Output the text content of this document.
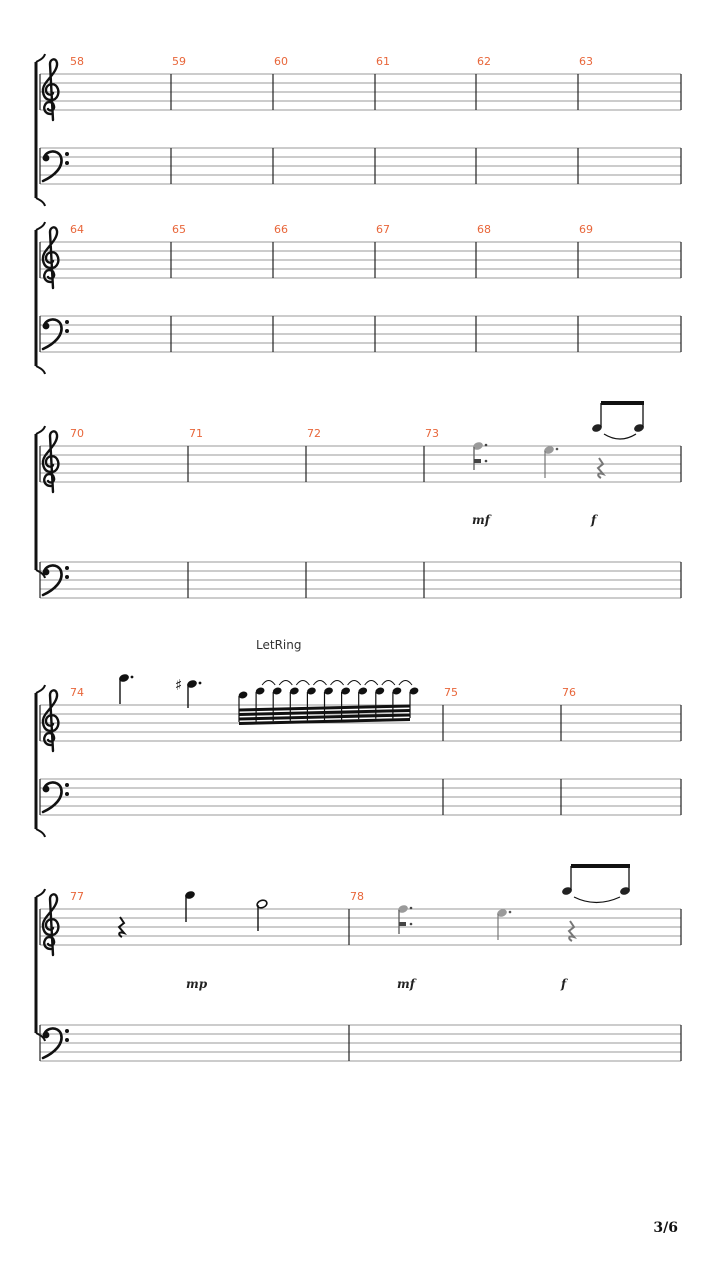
58	59	60	61	62	63
64	65	66	67	68	69
70	71	72	73
mf	f
74	75	76
LetRing
♯
77	78
mp	mf	f
3/6
